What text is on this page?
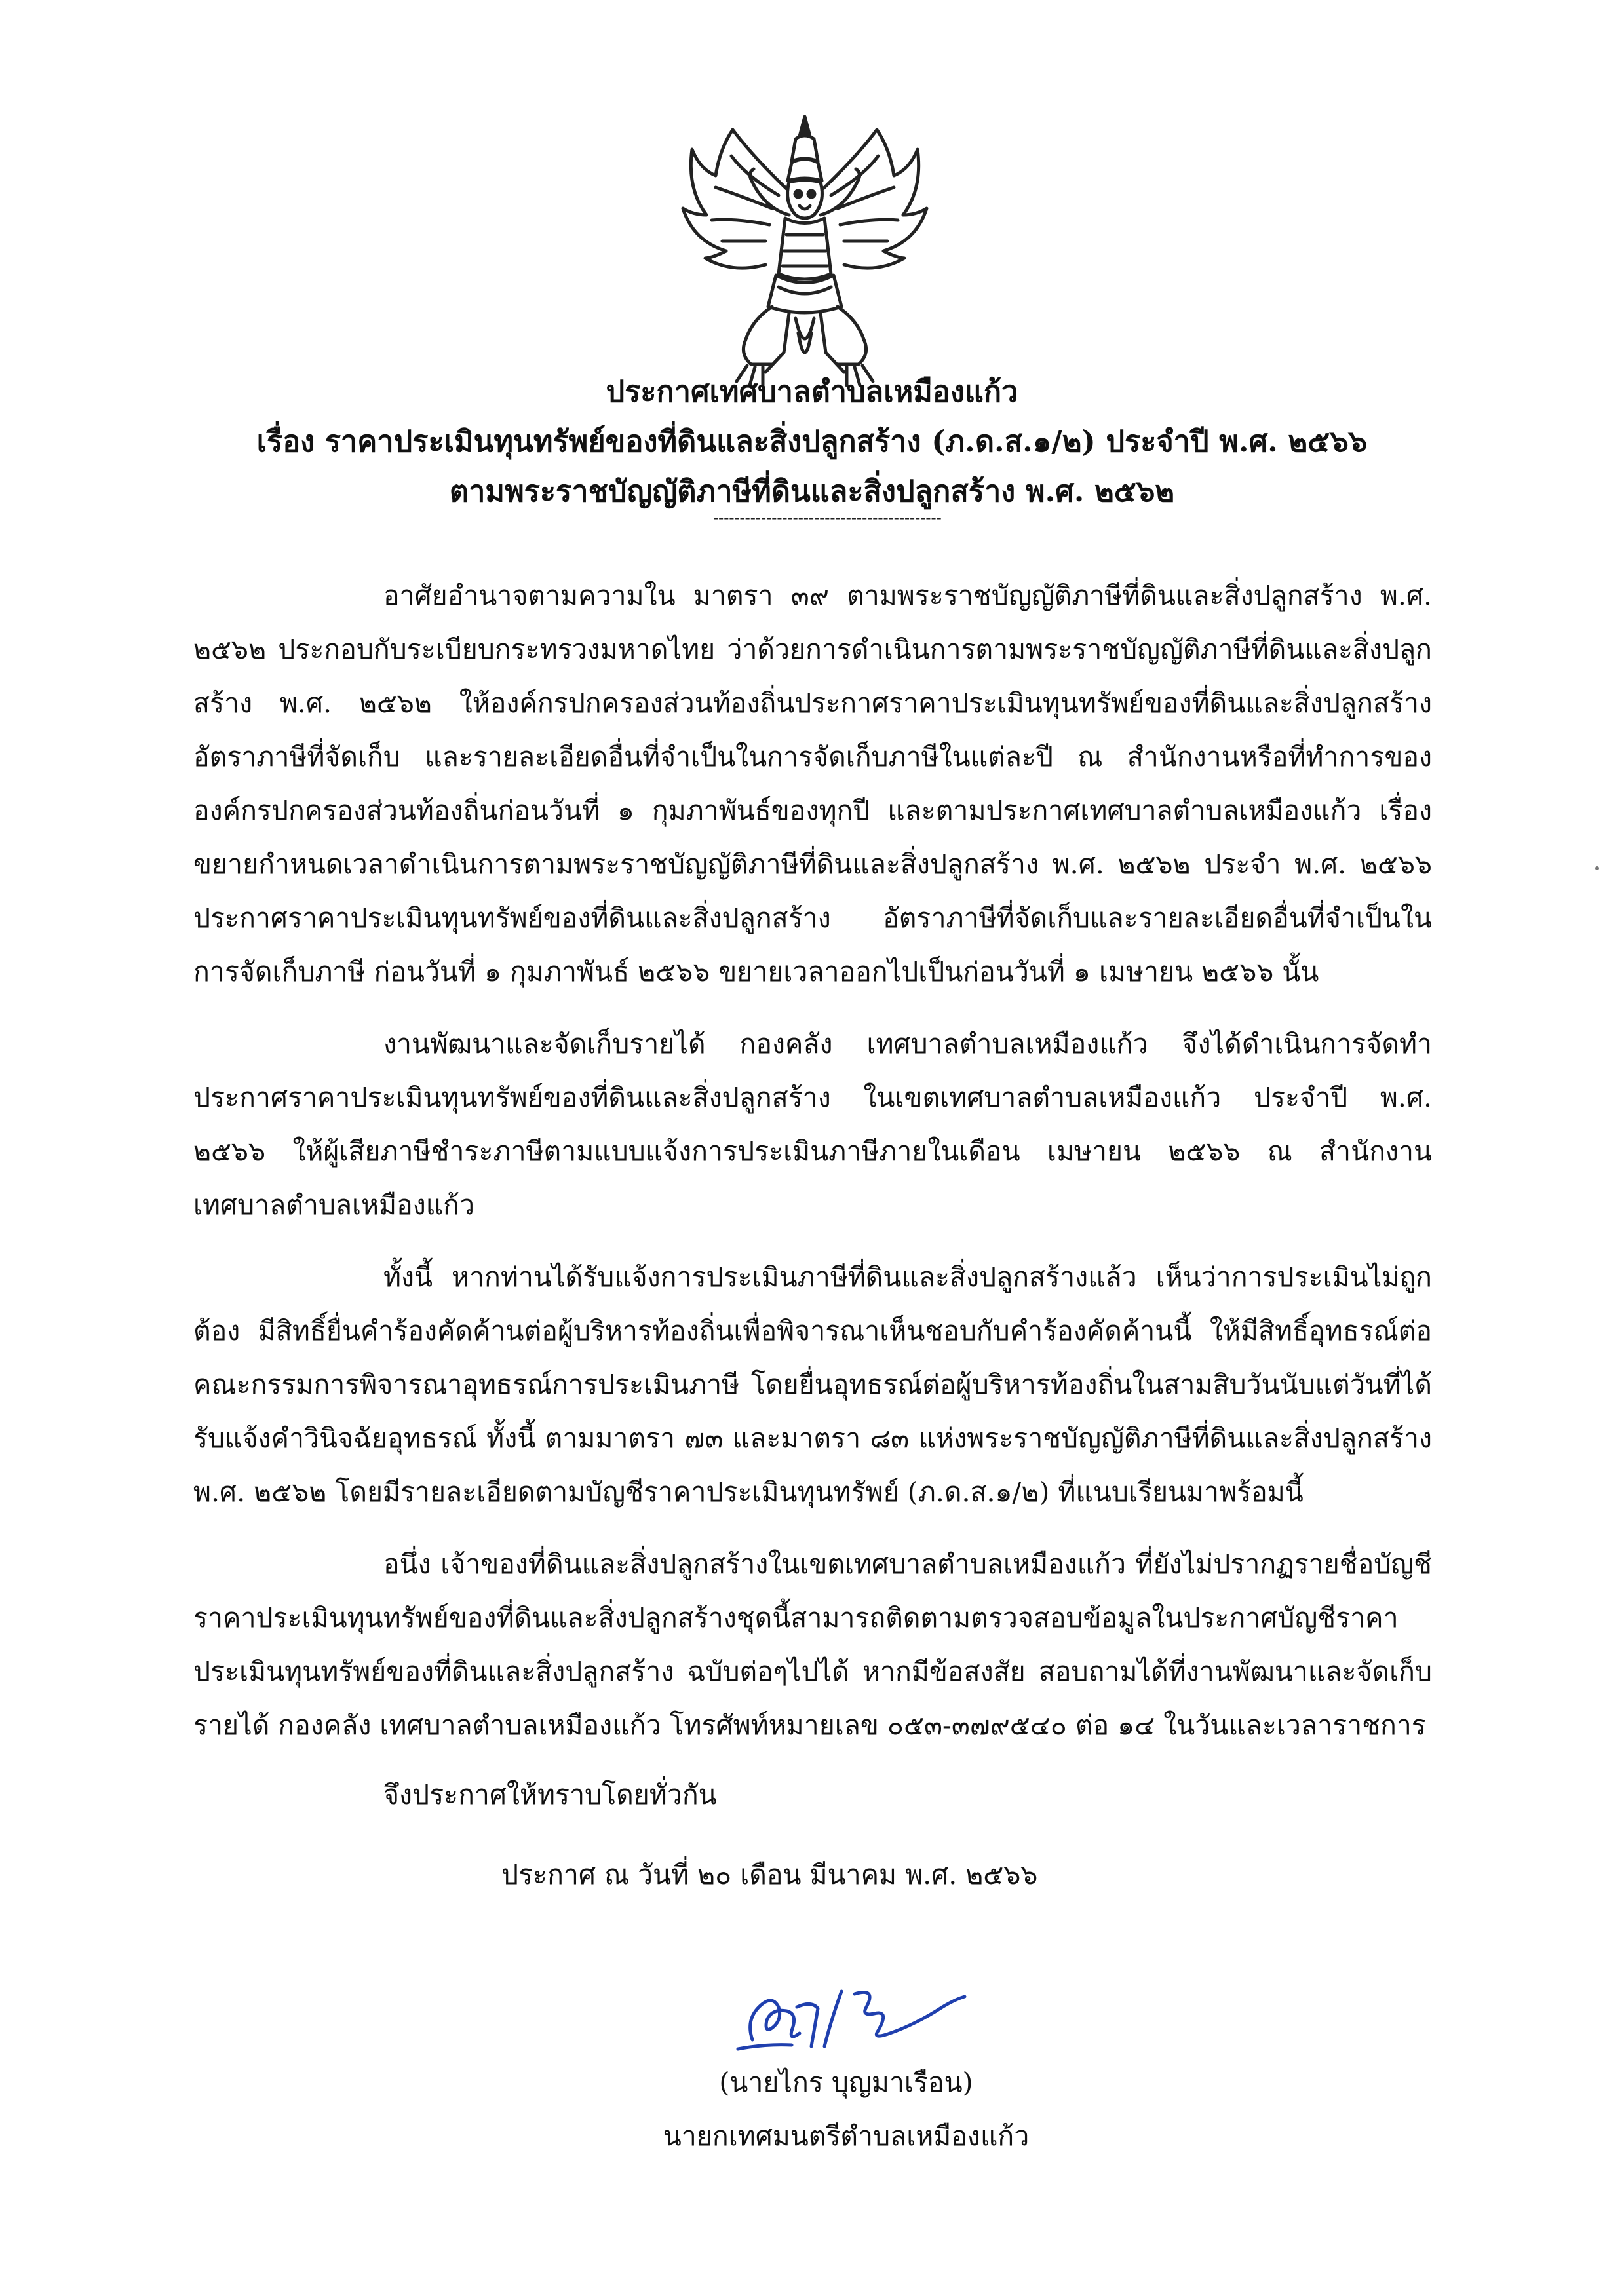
ประกาศเทศบาลตำบลเหมืองแก้ว
เรื่อง ราคาประเมินทุนทรัพย์ของที่ดินและสิ่งปลูกสร้าง (ภ.ด.ส.๑/๒) ประจำปี พ.ศ. ๒๕๖๖
ตามพระราชบัญญัติภาษีที่ดินและสิ่งปลูกสร้าง พ.ศ. ๒๕๖๒
-------------------------------------------

อาศัยอำนาจตามความใน มาตรา ๓๙ ตามพระราชบัญญัติภาษีที่ดินและสิ่งปลูกสร้าง พ.ศ. ๒๕๖๒ ประกอบกับระเบียบกระทรวงมหาดไทย ว่าด้วยการดำเนินการตามพระราชบัญญัติภาษีที่ดินและสิ่งปลูกสร้าง พ.ศ. ๒๕๖๒ ให้องค์กรปกครองส่วนท้องถิ่นประกาศราคาประเมินทุนทรัพย์ของที่ดินและสิ่งปลูกสร้าง อัตราภาษีที่จัดเก็บ และรายละเอียดอื่นที่จำเป็นในการจัดเก็บภาษีในแต่ละปี ณ สำนักงานหรือที่ทำการขององค์กรปกครองส่วนท้องถิ่นก่อนวันที่ ๑ กุมภาพันธ์ของทุกปี และตามประกาศเทศบาลตำบลเหมืองแก้ว เรื่องขยายกำหนดเวลาดำเนินการตามพระราชบัญญัติภาษีที่ดินและสิ่งปลูกสร้าง พ.ศ. ๒๕๖๒ ประจำ พ.ศ. ๒๕๖๖ ประกาศราคาประเมินทุนทรัพย์ของที่ดินและสิ่งปลูกสร้าง อัตราภาษีที่จัดเก็บและรายละเอียดอื่นที่จำเป็นในการจัดเก็บภาษี ก่อนวันที่ ๑ กุมภาพันธ์ ๒๕๖๖ ขยายเวลาออกไปเป็นก่อนวันที่ ๑ เมษายน ๒๕๖๖ นั้น

งานพัฒนาและจัดเก็บรายได้ กองคลัง เทศบาลตำบลเหมืองแก้ว จึงได้ดำเนินการจัดทำประกาศราคาประเมินทุนทรัพย์ของที่ดินและสิ่งปลูกสร้าง ในเขตเทศบาลตำบลเหมืองแก้ว ประจำปี พ.ศ. ๒๕๖๖ ให้ผู้เสียภาษีชำระภาษีตามแบบแจ้งการประเมินภาษีภายในเดือน เมษายน ๒๕๖๖ ณ สำนักงานเทศบาลตำบลเหมืองแก้ว

ทั้งนี้ หากท่านได้รับแจ้งการประเมินภาษีที่ดินและสิ่งปลูกสร้างแล้ว เห็นว่าการประเมินไม่ถูกต้อง มีสิทธิ์ยื่นคำร้องคัดค้านต่อผู้บริหารท้องถิ่นเพื่อพิจารณาเห็นชอบกับคำร้องคัดค้านนี้ ให้มีสิทธิ์อุทธรณ์ต่อคณะกรรมการพิจารณาอุทธรณ์การประเมินภาษี โดยยื่นอุทธรณ์ต่อผู้บริหารท้องถิ่นในสามสิบวันนับแต่วันที่ได้รับแจ้งคำวินิจฉัยอุทธรณ์ ทั้งนี้ ตามมาตรา ๗๓ และมาตรา ๘๓ แห่งพระราชบัญญัติภาษีที่ดินและสิ่งปลูกสร้าง พ.ศ. ๒๕๖๒ โดยมีรายละเอียดตามบัญชีราคาประเมินทุนทรัพย์ (ภ.ด.ส.๑/๒) ที่แนบเรียนมาพร้อมนี้

อนึ่ง เจ้าของที่ดินและสิ่งปลูกสร้างในเขตเทศบาลตำบลเหมืองแก้ว ที่ยังไม่ปรากฏรายชื่อบัญชีราคาประเมินทุนทรัพย์ของที่ดินและสิ่งปลูกสร้างชุดนี้สามารถติดตามตรวจสอบข้อมูลในประกาศบัญชีราคาประเมินทุนทรัพย์ของที่ดินและสิ่งปลูกสร้าง ฉบับต่อๆไปได้ หากมีข้อสงสัย สอบถามได้ที่งานพัฒนาและจัดเก็บรายได้ กองคลัง เทศบาลตำบลเหมืองแก้ว โทรศัพท์หมายเลข ๐๕๓-๓๗๙๕๔๐ ต่อ ๑๔ ในวันและเวลาราชการ

จึงประกาศให้ทราบโดยทั่วกัน

ประกาศ ณ วันที่ ๒๐ เดือน มีนาคม พ.ศ. ๒๕๖๖

(นายไกร บุญมาเรือน)
นายกเทศมนตรีตำบลเหมืองแก้ว
